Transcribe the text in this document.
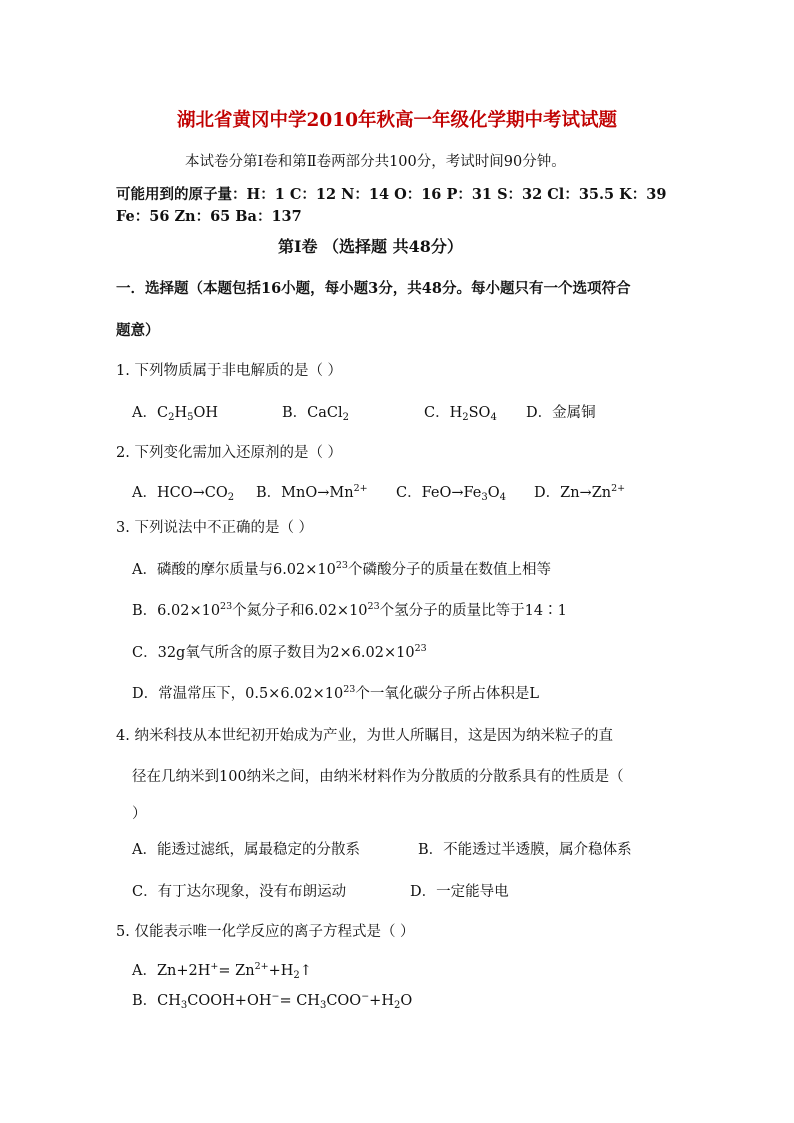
湖北省黄冈中学2010年秋高一年级化学期中考试试题
本试卷分第Ⅰ卷和第Ⅱ卷两部分共100分，考试时间90分钟。
可能用到的原子量：H：1 C：12 N：14 O：16 P：31 S：32 Cl：35.5 K：39
Fe：56 Zn：65 Ba：137
第Ⅰ卷 （选择题 共48分）
一．选择题（本题包括16小题，每小题3分，共48分。每小题只有一个选项符合
题意）
1. 下列物质属于非电解质的是（ ）
A．$C_2H_5OH$	B．CaCl$_2$	C．$H_2SO_4$ D．金属铜
2. 下列变化需加入还原剂的是（ ）
A．$HCO\to CO_2$ B．$MnO\to Mn^{2+}$ C．$FeO\to Fe_3O_4$ D．$Zn\to Zn^{2+}$
3. 下列说法中不正确的是（ ）
A．磷酸的摩尔质量与$6.02\times 10^{23}$个磷酸分子的质量在数值上相等
B．$6.02\times 10^{23}$个氮分子和$6.02\times 10^{23}$个氢分子的质量比等于14∶1
C．32g氧气所含的原子数目为$2\times 6.02\times 10^{23}$
D．常温常压下，$0.5\times 6.02\times 10^{23}$个一氧化碳分子所占体积是L
4. 纳米科技从本世纪初开始成为产业，为世人所瞩目，这是因为纳米粒子的直
径在几纳米到100纳米之间，由纳米材料作为分散质的分散系具有的性质是（
）
A．能透过滤纸，属最稳定的分散系	B．不能透过半透膜，属介稳体系
C．有丁达尔现象，没有布朗运动	D．一定能导电
5. 仅能表示唯一化学反应的离子方程式是（ ）
A．$Zn+2H^+= Zn^{2+}+H_2↑$
B．$CH_3COOH+OH^-= CH_3COO^-+H_2O$
